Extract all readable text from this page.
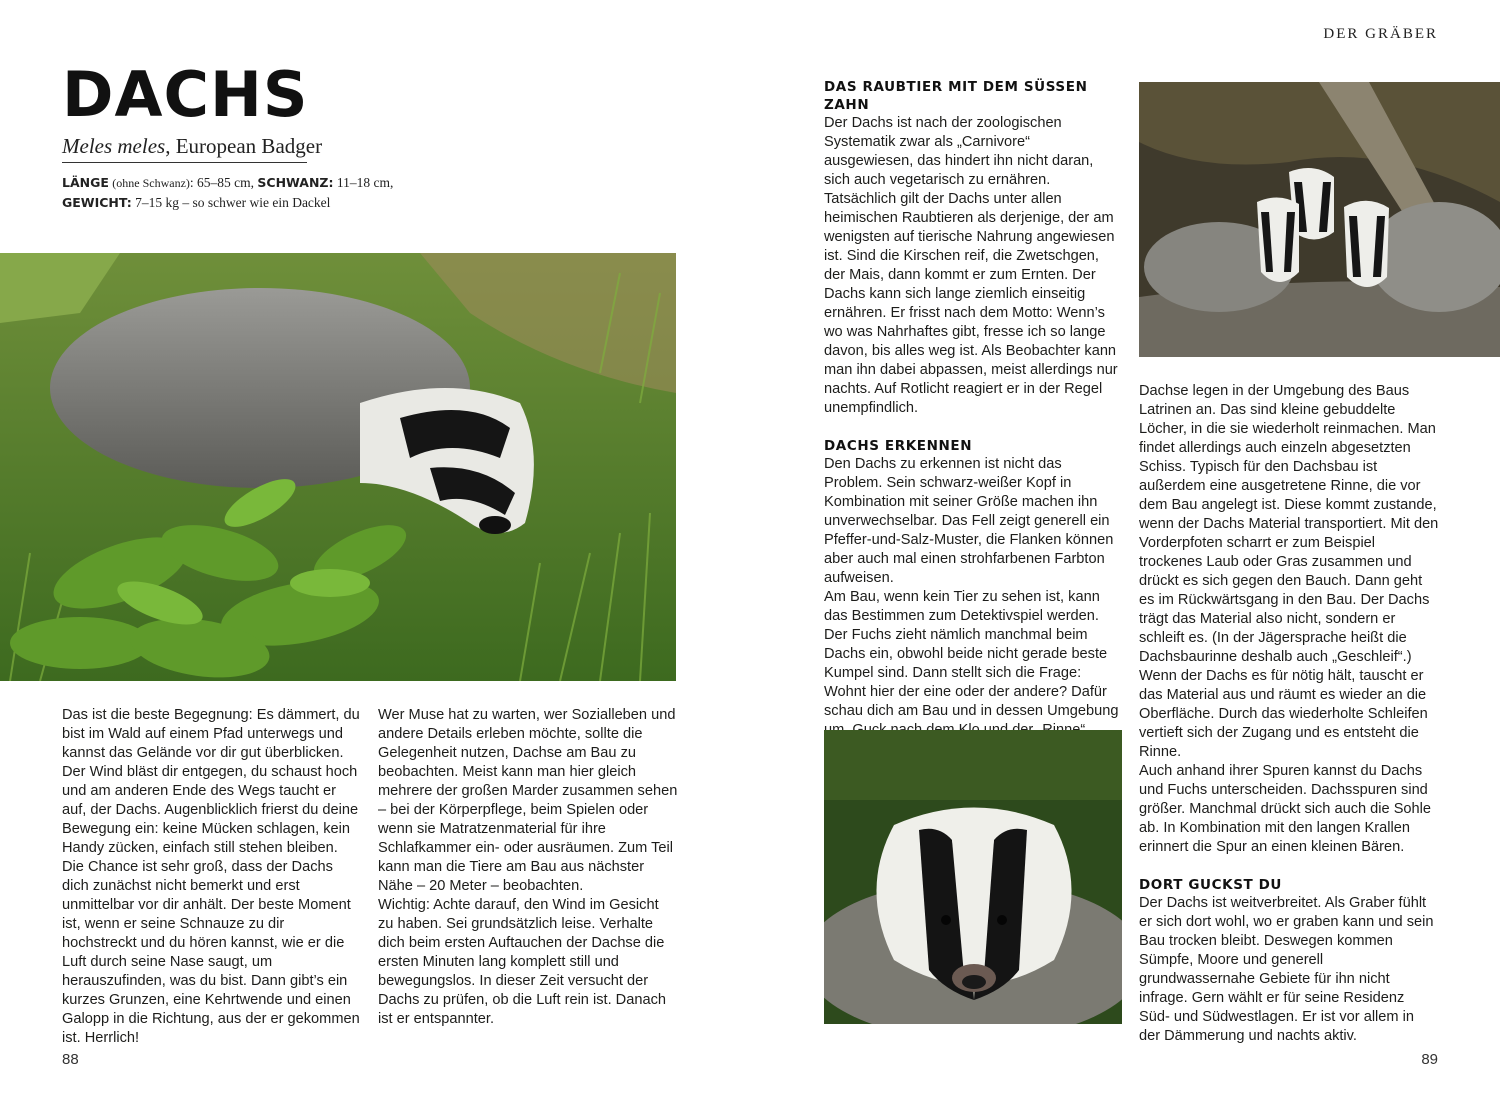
DACHS
Meles meles, European Badger
LÄNGE (ohne Schwanz): 65–85 cm, SCHWANZ: 11–18 cm,
GEWICHT: 7–15 kg – so schwer wie ein Dackel

Das ist die beste Begegnung: Es dämmert, du bist im Wald auf einem Pfad unterwegs und kannst das Gelände vor dir gut überblicken. Der Wind bläst dir entgegen, du schaust hoch und am anderen Ende des Wegs taucht er auf, der Dachs. Augenblicklich frierst du deine Bewegung ein: keine Mücken schlagen, kein Handy zücken, einfach still stehen bleiben. Die Chance ist sehr groß, dass der Dachs dich zunächst nicht bemerkt und erst unmittelbar vor dir anhält. Der beste Moment ist, wenn er seine Schnauze zu dir hochstreckt und du hören kannst, wie er die Luft durch seine Nase saugt, um herauszufinden, was du bist. Dann gibt’s ein kurzes Grunzen, eine Kehrtwende und einen Galopp in die Richtung, aus der er gekommen ist. Herrlich!

Wer Muse hat zu warten, wer Sozialleben und andere Details erleben möchte, sollte die Gelegenheit nutzen, Dachse am Bau zu beobachten. Meist kann man hier gleich mehrere der großen Marder zusammen sehen – bei der Körperpflege, beim Spielen oder wenn sie Matratzenmaterial für ihre Schlafkammer ein- oder ausräumen. Zum Teil kann man die Tiere am Bau aus nächster Nähe – 20 Meter – beobachten.

Wichtig: Achte darauf, den Wind im Gesicht zu haben. Sei grundsätzlich leise. Verhalte dich beim ersten Auftauchen der Dachse die ersten Minuten lang komplett still und bewegungslos. In dieser Zeit versucht der Dachs zu prüfen, ob die Luft rein ist. Danach ist er entspannter.

88
DER GRÄBER
DAS RAUBTIER MIT DEM SÜSSEN ZAHN

Der Dachs ist nach der zoologischen Systematik zwar als „Carnivore“ ausgewiesen, das hindert ihn nicht daran, sich auch vegetarisch zu ernähren. Tatsächlich gilt der Dachs unter allen heimischen Raubtieren als derjenige, der am wenigsten auf tierische Nahrung angewiesen ist. Sind die Kirschen reif, die Zwetschgen, der Mais, dann kommt er zum Ernten. Der Dachs kann sich lange ziemlich einseitig ernähren. Er frisst nach dem Motto: Wenn’s wo was Nahrhaftes gibt, fresse ich so lange davon, bis alles weg ist. Als Beobachter kann man ihn dabei abpassen, meist allerdings nur nachts. Auf Rotlicht reagiert er in der Regel unempfindlich.

DACHS ERKENNEN

Den Dachs zu erkennen ist nicht das Problem. Sein schwarz-weißer Kopf in Kombination mit seiner Größe machen ihn unverwechselbar. Das Fell zeigt generell ein Pfeffer-und-Salz-Muster, die Flanken können aber auch mal einen strohfarbenen Farbton aufweisen.

Am Bau, wenn kein Tier zu sehen ist, kann das Bestimmen zum Detektivspiel werden. Der Fuchs zieht nämlich manchmal beim Dachs ein, obwohl beide nicht gerade beste Kumpel sind. Dann stellt sich die Frage: Wohnt hier der eine oder der andere? Dafür schau dich am Bau und in dessen Umgebung

Dachse legen in der Umgebung des Baus Latrinen an. Das sind kleine gebuddelte Löcher, in die sie wiederholt reinmachen. Man findet allerdings auch einzeln abgesetzten Schiss. Typisch für den Dachsbau ist außerdem eine ausgetretene Rinne, die vor dem Bau angelegt ist. Diese kommt zustande, wenn der Dachs Material transportiert. Mit den Vorderpfoten scharrt er zum Beispiel trockenes Laub oder Gras zusammen und drückt es sich gegen den Bauch. Dann geht es im Rückwärtsgang in den Bau. Der Dachs trägt das Material also nicht, sondern er schleift es. (In der Jägersprache heißt die Dachsbaurinne deshalb auch „Geschleif“.)

Wenn der Dachs es für nötig hält, tauscht er das Material aus und räumt es wieder an die Oberfläche. Durch das wiederholte Schleifen vertieft sich der Zugang und es entsteht die Rinne.

Auch anhand ihrer Spuren kannst du Dachs und Fuchs unterscheiden. Dachsspuren sind größer. Manchmal drückt sich auch die Sohle ab. In Kombination mit den langen Krallen erinnert die Spur an einen kleinen Bären.

DORT GUCKST DU

Der Dachs ist weitverbreitet. Als Graber fühlt er sich dort wohl, wo er graben kann und sein Bau trocken bleibt. Deswegen kommen Sümpfe, Moore und generell grundwassernahe Gebiete für ihn nicht infrage. Gern wählt er für seine Residenz Süd- und Südwestlagen. Er ist vor allem in der Dämmerung und nachts aktiv.

89
